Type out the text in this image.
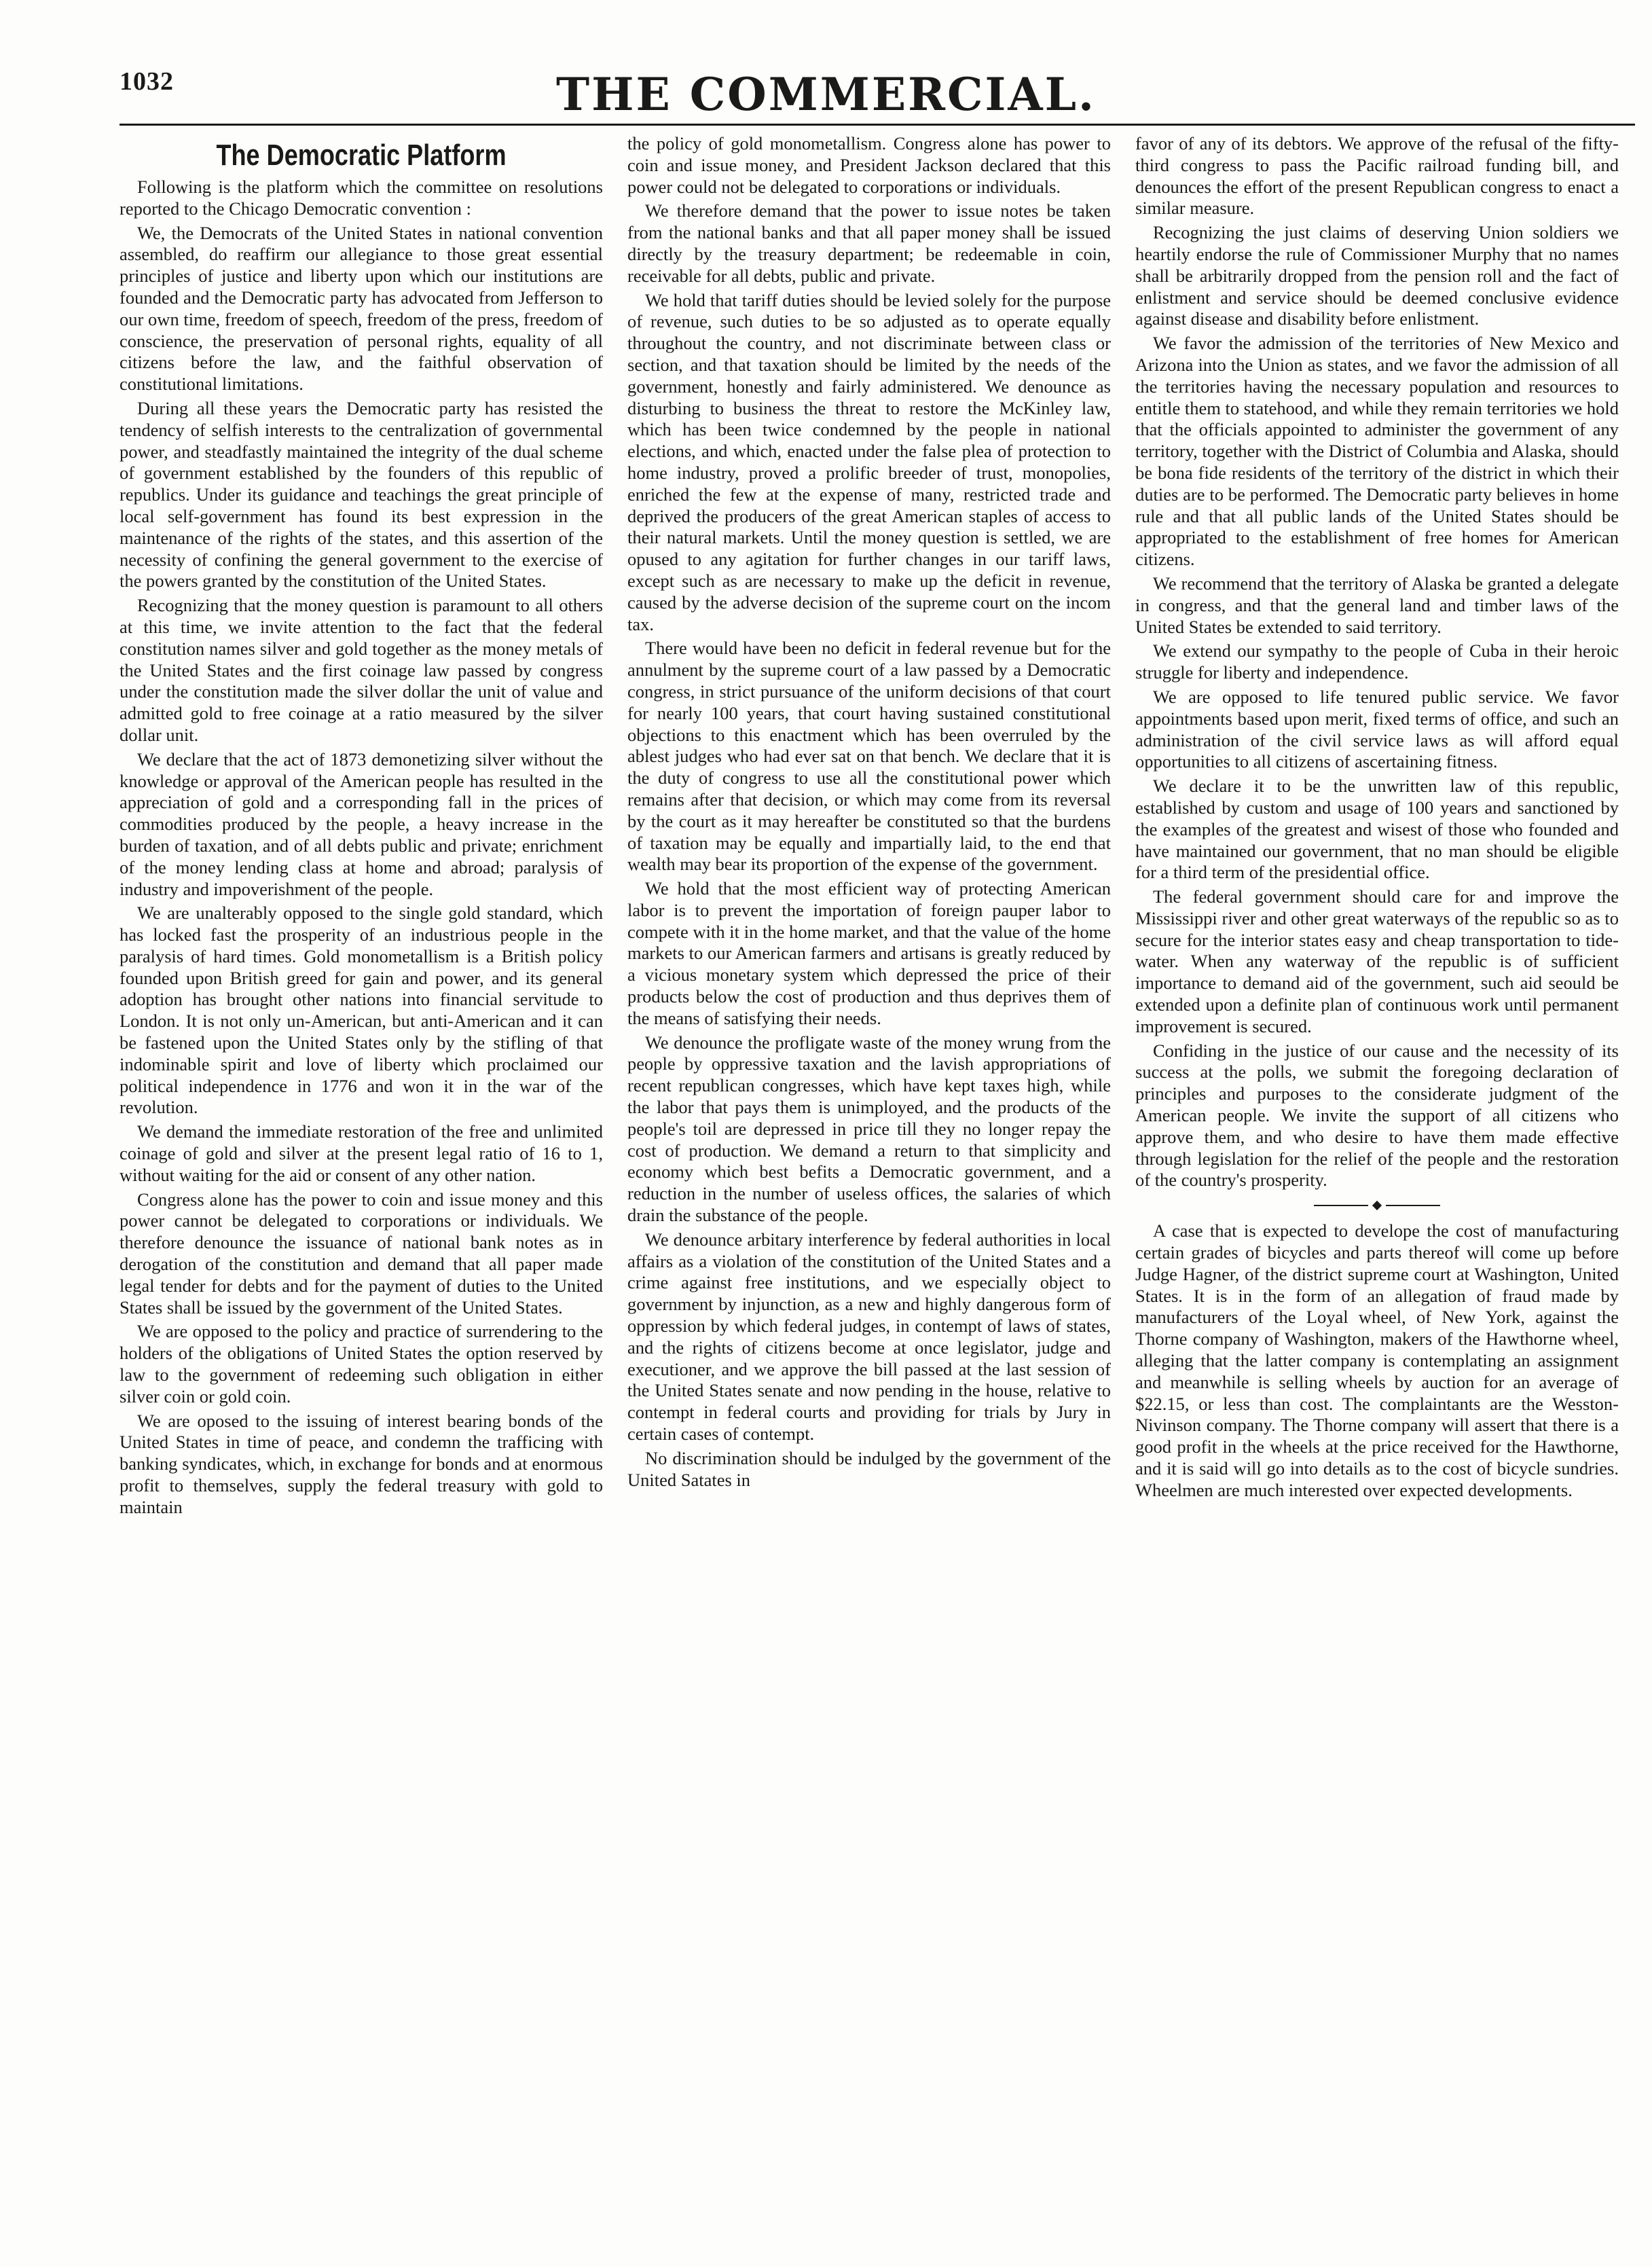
1032	THE COMMERCIAL.
The Democratic Platform

Following is the platform which the committee on resolutions reported to the Chicago Democratic convention :

We, the Democrats of the United States in national convention assembled, do reaffirm our allegiance to those great essential principles of justice and liberty upon which our institutions are founded and the Democratic party has advocated from Jefferson to our own time, freedom of speech, freedom of the press, freedom of conscience, the preservation of personal rights, equality of all citizens before the law, and the faithful observation of constitutional limitations.

During all these years the Democratic party has resisted the tendency of selfish interests to the centralization of governmental power, and steadfastly maintained the integrity of the dual scheme of government established by the founders of this republic of republics. Under its guidance and teachings the great principle of local self-government has found its best expression in the maintenance of the rights of the states, and this assertion of the necessity of confining the general government to the exercise of the powers granted by the constitution of the United States.

Recognizing that the money question is paramount to all others at this time, we invite attention to the fact that the federal constitution names silver and gold together as the money metals of the United States and the first coinage law passed by congress under the constitution made the silver dollar the unit of value and admitted gold to free coinage at a ratio measured by the silver dollar unit.

We declare that the act of 1873 demonetizing silver without the knowledge or approval of the American people has resulted in the appreciation of gold and a corresponding fall in the prices of commodities produced by the people, a heavy increase in the burden of taxation, and of all debts public and private; enrichment of the money lending class at home and abroad; paralysis of industry and impoverishment of the people.

We are unalterably opposed to the single gold standard, which has locked fast the prosperity of an industrious people in the paralysis of hard times. Gold monometallism is a British policy founded upon British greed for gain and power, and its general adoption has brought other nations into financial servitude to London. It is not only un-American, but anti-American and it can be fastened upon the United States only by the stifling of that indominable spirit and love of liberty which proclaimed our political independence in 1776 and won it in the war of the revolution.

We demand the immediate restoration of the free and unlimited coinage of gold and silver at the present legal ratio of 16 to 1, without waiting for the aid or consent of any other nation.

Congress alone has the power to coin and issue money and this power cannot be delegated to corporations or individuals. We therefore denounce the issuance of national bank notes as in derogation of the constitution and demand that all paper made legal tender for debts and for the payment of duties to the United States shall be issued by the government of the United States.

We are opposed to the policy and practice of surrendering to the holders of the obligations of United States the option reserved by law to the government of redeeming such obligation in either silver coin or gold coin.

We are oposed to the issuing of interest bearing bonds of the United States in time of peace, and condemn the trafficing with banking syndicates, which, in exchange for bonds and at enormous profit to themselves, supply the federal treasury with gold to maintain

the policy of gold monometallism. Congress alone has power to coin and issue money, and President Jackson declared that this power could not be delegated to corporations or individuals.

We therefore demand that the power to issue notes be taken from the national banks and that all paper money shall be issued directly by the treasury department; be redeemable in coin, receivable for all debts, public and private.

We hold that tariff duties should be levied solely for the purpose of revenue, such duties to be so adjusted as to operate equally throughout the country, and not discriminate between class or section, and that taxation should be limited by the needs of the government, honestly and fairly administered. We denounce as disturbing to business the threat to restore the McKinley law, which has been twice condemned by the people in national elections, and which, enacted under the false plea of protection to home industry, proved a prolific breeder of trust, monopolies, enriched the few at the expense of many, restricted trade and deprived the producers of the great American staples of access to their natural markets. Until the money question is settled, we are opused to any agitation for further changes in our tariff laws, except such as are necessary to make up the deficit in revenue, caused by the adverse decision of the supreme court on the incom tax.

There would have been no deficit in federal revenue but for the annulment by the supreme court of a law passed by a Democratic congress, in strict pursuance of the uniform decisions of that court for nearly 100 years, that court having sustained constitutional objections to this enactment which has been overruled by the ablest judges who had ever sat on that bench. We declare that it is the duty of congress to use all the constitutional power which remains after that decision, or which may come from its reversal by the court as it may hereafter be constituted so that the burdens of taxation may be equally and impartially laid, to the end that wealth may bear its proportion of the expense of the government.

We hold that the most efficient way of protecting American labor is to prevent the importation of foreign pauper labor to compete with it in the home market, and that the value of the home markets to our American farmers and artisans is greatly reduced by a vicious monetary system which depressed the price of their products below the cost of production and thus deprives them of the means of satisfying their needs.

We denounce the profligate waste of the money wrung from the people by oppressive taxation and the lavish appropriations of recent republican congresses, which have kept taxes high, while the labor that pays them is unimployed, and the products of the people's toil are depressed in price till they no longer repay the cost of production. We demand a return to that simplicity and economy which best befits a Democratic government, and a reduction in the number of useless offices, the salaries of which drain the substance of the people.

We denounce arbitary interference by federal authorities in local affairs as a violation of the constitution of the United States and a crime against free institutions, and we especially object to government by injunction, as a new and highly dangerous form of oppression by which federal judges, in contempt of laws of states, and the rights of citizens become at once legislator, judge and executioner, and we approve the bill passed at the last session of the United States senate and now pending in the house, relative to contempt in federal courts and providing for trials by Jury in certain cases of contempt.

No discrimination should be indulged by the government of the United Satates in

favor of any of its debtors. We approve of the refusal of the fifty-third congress to pass the Pacific railroad funding bill, and denounces the effort of the present Republican congress to enact a similar measure.

Recognizing the just claims of deserving Union soldiers we heartily endorse the rule of Commissioner Murphy that no names shall be arbitrarily dropped from the pension roll and the fact of enlistment and service should be deemed conclusive evidence against disease and disability before enlistment.

We favor the admission of the territories of New Mexico and Arizona into the Union as states, and we favor the admission of all the territories having the necessary population and resources to entitle them to statehood, and while they remain territories we hold that the officials appointed to administer the government of any territory, together with the District of Columbia and Alaska, should be bona fide residents of the territory of the district in which their duties are to be performed. The Democratic party believes in home rule and that all public lands of the United States should be appropriated to the establishment of free homes for American citizens.

We recommend that the territory of Alaska be granted a delegate in congress, and that the general land and timber laws of the United States be extended to said territory.

We extend our sympathy to the people of Cuba in their heroic struggle for liberty and independence.

We are opposed to life tenured public service. We favor appointments based upon merit, fixed terms of office, and such an administration of the civil service laws as will afford equal opportunities to all citizens of ascertaining fitness.

We declare it to be the unwritten law of this republic, established by custom and usage of 100 years and sanctioned by the examples of the greatest and wisest of those who founded and have maintained our government, that no man should be eligible for a third term of the presidential office.

The federal government should care for and improve the Mississippi river and other great waterways of the republic so as to secure for the interior states easy and cheap transportation to tide-water. When any waterway of the republic is of sufficient importance to demand aid of the government, such aid seould be extended upon a definite plan of continuous work until permanent improvement is secured.

Confiding in the justice of our cause and the necessity of its success at the polls, we submit the foregoing declaration of principles and purposes to the considerate judgment of the American people. We invite the support of all citizens who approve them, and who desire to have them made effective through legislation for the relief of the people and the restoration of the country's prosperity.

A case that is expected to develope the cost of manufacturing certain grades of bicycles and parts thereof will come up before Judge Hagner, of the district supreme court at Washington, United States. It is in the form of an allegation of fraud made by manufacturers of the Loyal wheel, of New York, against the Thorne company of Washington, makers of the Hawthorne wheel, alleging that the latter company is contemplating an assignment and meanwhile is selling wheels by auction for an average of $22.15, or less than cost. The complaintants are the Wesston-Nivinson company. The Thorne company will assert that there is a good profit in the wheels at the price received for the Hawthorne, and it is said will go into details as to the cost of bicycle sundries. Wheelmen are much interested over expected developments.
